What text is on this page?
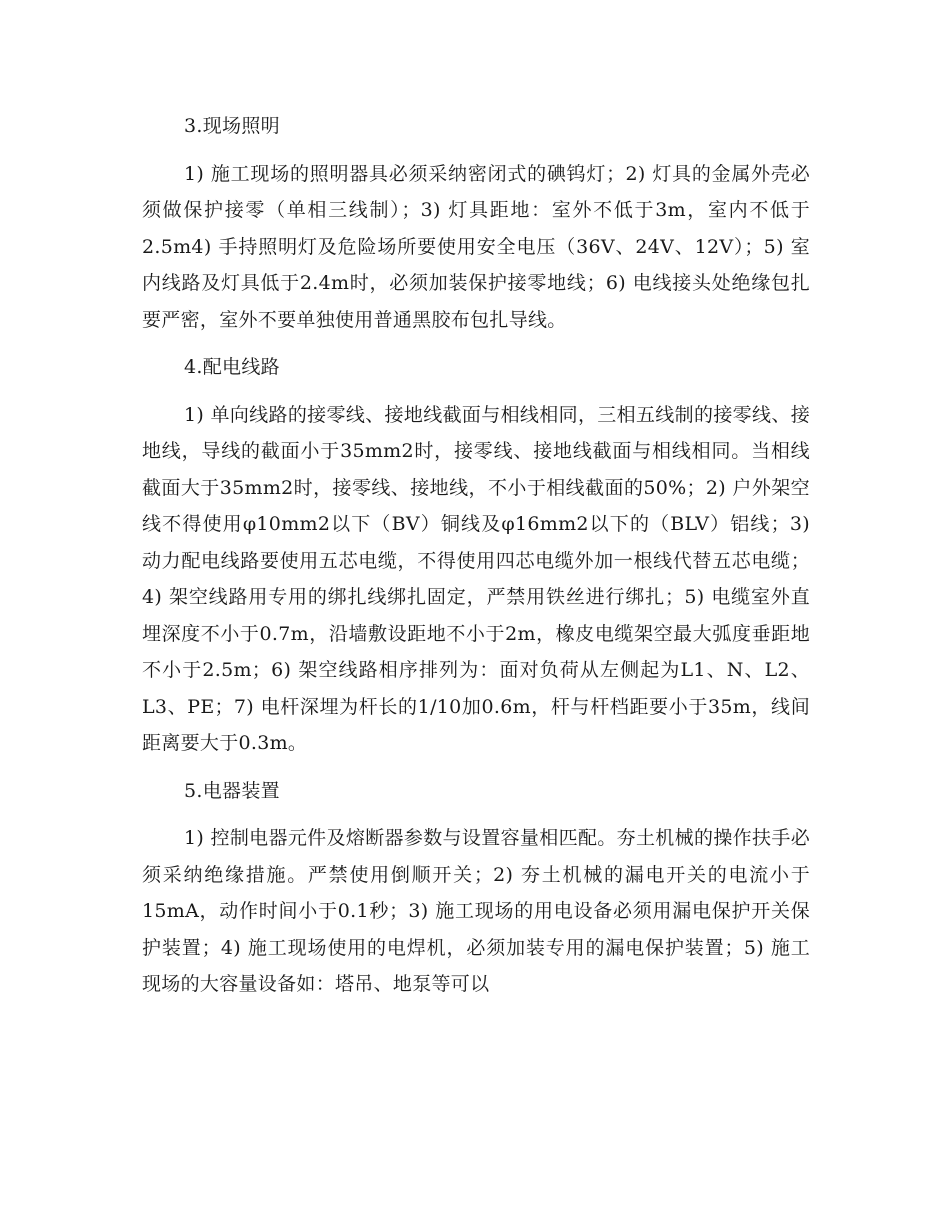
3.现场照明

1) 施工现场的照明器具必须采纳密闭式的碘钨灯；2) 灯具的金属外壳必须做保护接零（单相三线制）；3) 灯具距地：室外不低于3m，室内不低于2.5m4) 手持照明灯及危险场所要使用安全电压（36V、24V、12V）；5) 室内线路及灯具低于2.4m时，必须加装保护接零地线；6) 电线接头处绝缘包扎要严密，室外不要单独使用普通黑胶布包扎导线。

4.配电线路

1) 单向线路的接零线、接地线截面与相线相同，三相五线制的接零线、接地线，导线的截面小于35mm2时，接零线、接地线截面与相线相同。当相线截面大于35mm2时，接零线、接地线，不小于相线截面的50%；2) 户外架空线不得使用φ10mm2以下（BV）铜线及φ16mm2以下的（BLV）铝线；3) 动力配电线路要使用五芯电缆，不得使用四芯电缆外加一根线代替五芯电缆；4) 架空线路用专用的绑扎线绑扎固定，严禁用铁丝进行绑扎；5) 电缆室外直埋深度不小于0.7m，沿墙敷设距地不小于2m，橡皮电缆架空最大弧度垂距地不小于2.5m；6) 架空线路相序排列为：面对负荷从左侧起为L1、N、L2、L3、PE；7) 电杆深埋为杆长的1/10加0.6m，杆与杆档距要小于35m，线间距离要大于0.3m。

5.电器装置

1) 控制电器元件及熔断器参数与设置容量相匹配。夯土机械的操作扶手必须采纳绝缘措施。严禁使用倒顺开关；2) 夯土机械的漏电开关的电流小于15mA，动作时间小于0.1秒；3) 施工现场的用电设备必须用漏电保护开关保护装置；4) 施工现场使用的电焊机，必须加装专用的漏电保护装置；5) 施工现场的大容量设备如：塔吊、地泵等可以
